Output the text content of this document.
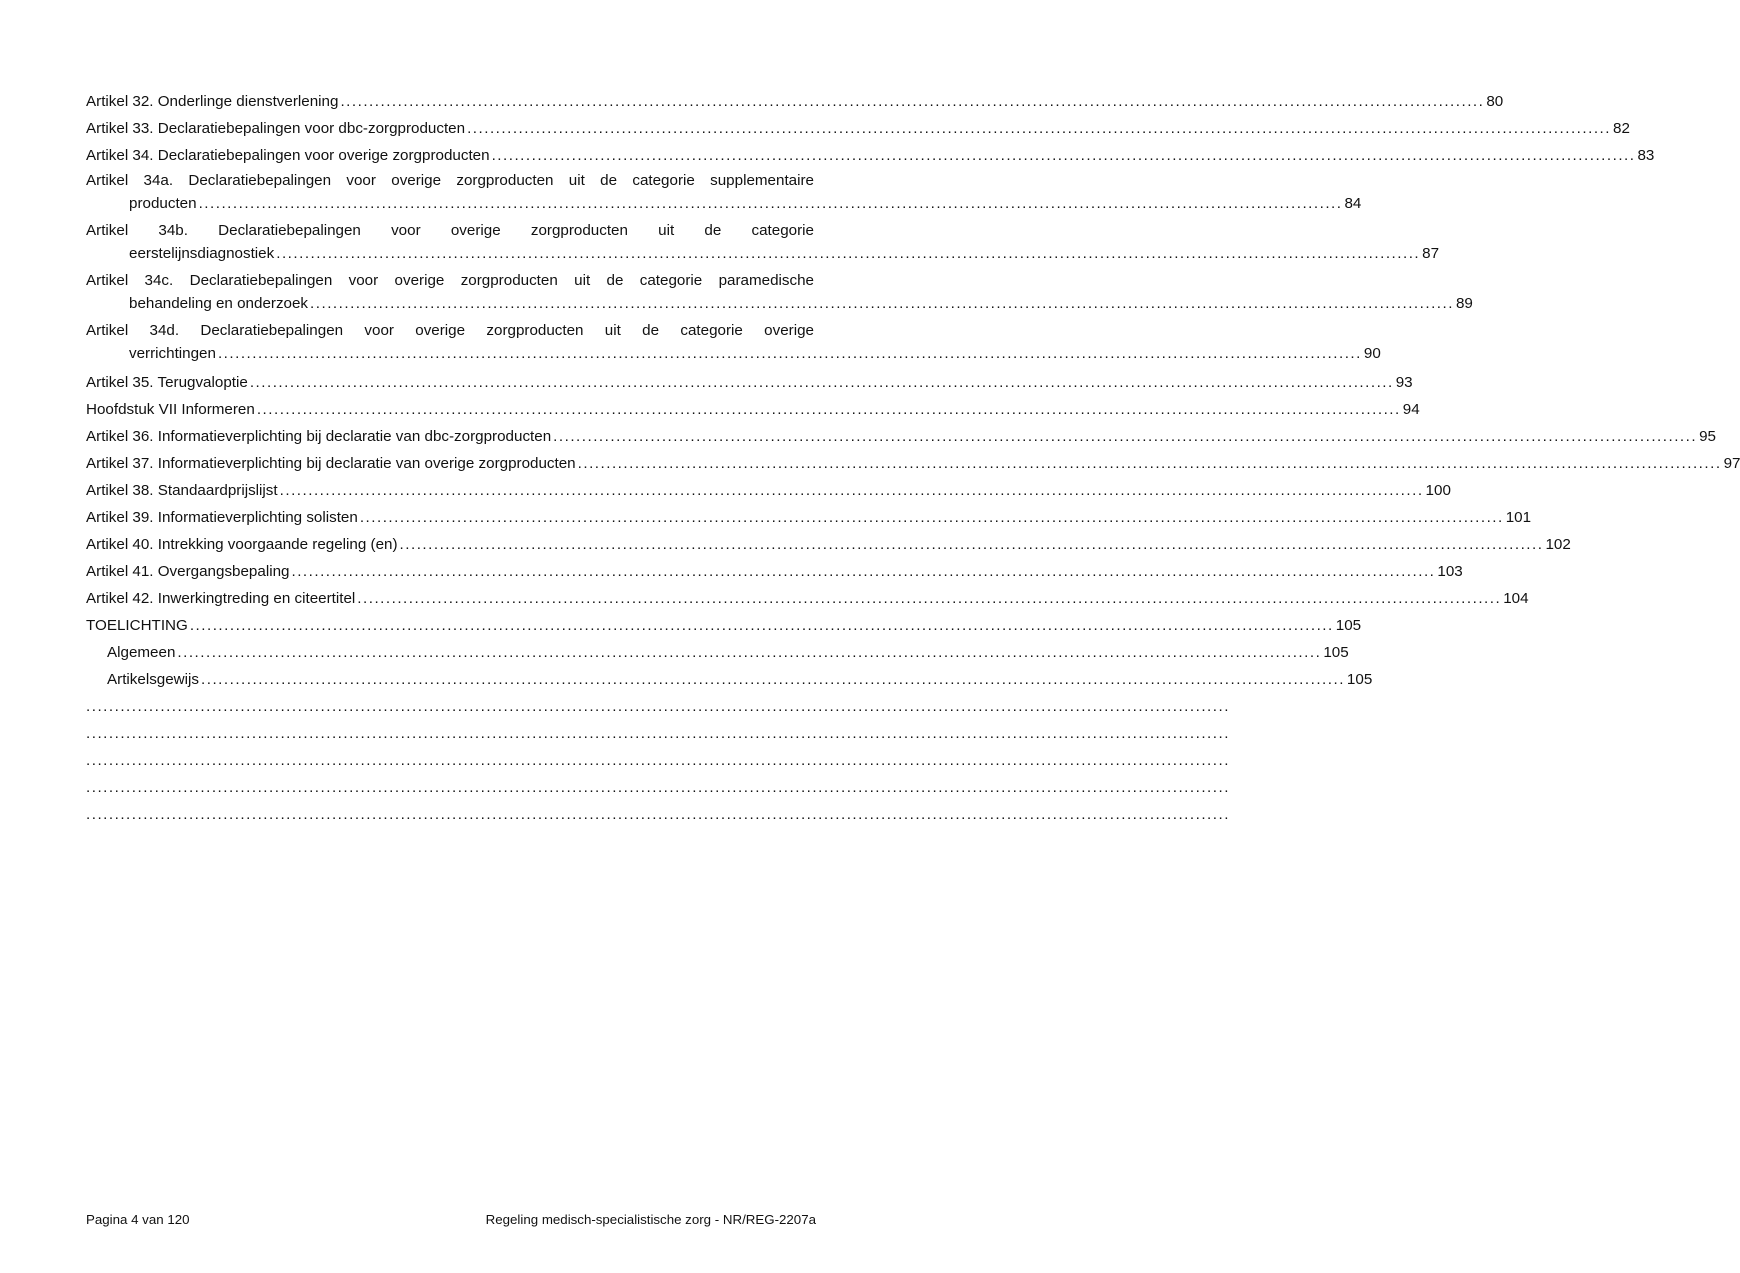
Artikel 32. Onderlinge dienstverlening ........................................................................................................................................................................................................ 80
Artikel 33. Declaratiebepalingen voor dbc-zorgproducten ........................................................................................................................................................................................................ 82
Artikel 34. Declaratiebepalingen voor overige zorgproducten ........................................................................................................................................................................................................ 83
Artikel 34a. Declaratiebepalingen voor overige zorgproducten uit de categorie supplementaire
producten ........................................................................................................................................................................................................ 84
Artikel 34b. Declaratiebepalingen voor overige zorgproducten uit de categorie
eerstelijnsdiagnostiek ........................................................................................................................................................................................................ 87
Artikel 34c. Declaratiebepalingen voor overige zorgproducten uit de categorie paramedische
behandeling en onderzoek ........................................................................................................................................................................................................ 89
Artikel 34d. Declaratiebepalingen voor overige zorgproducten uit de categorie overige
verrichtingen ........................................................................................................................................................................................................ 90
Artikel 35. Terugvaloptie ........................................................................................................................................................................................................ 93
Hoofdstuk VII Informeren ........................................................................................................................................................................................................ 94
Artikel 36. Informatieverplichting bij declaratie van dbc-zorgproducten ........................................................................................................................................................................................................ 95
Artikel 37. Informatieverplichting bij declaratie van overige zorgproducten ........................................................................................................................................................................................................ 97
Artikel 38. Standaardprijslijst ........................................................................................................................................................................................................ 100
Artikel 39. Informatieverplichting solisten ........................................................................................................................................................................................................ 101
Artikel 40. Intrekking voorgaande regeling (en) ........................................................................................................................................................................................................ 102
Artikel 41. Overgangsbepaling ........................................................................................................................................................................................................ 103
Artikel 42. Inwerkingtreding en citeertitel ........................................................................................................................................................................................................ 104
TOELICHTING ........................................................................................................................................................................................................ 105
Algemeen ........................................................................................................................................................................................................ 105
Artikelsgewijs ........................................................................................................................................................................................................ 105
........................................................................................................................................................................................................
........................................................................................................................................................................................................
........................................................................................................................................................................................................
........................................................................................................................................................................................................
........................................................................................................................................................................................................
Pagina 4 van 120	Regeling medisch-specialistische zorg - NR/REG-2207a
